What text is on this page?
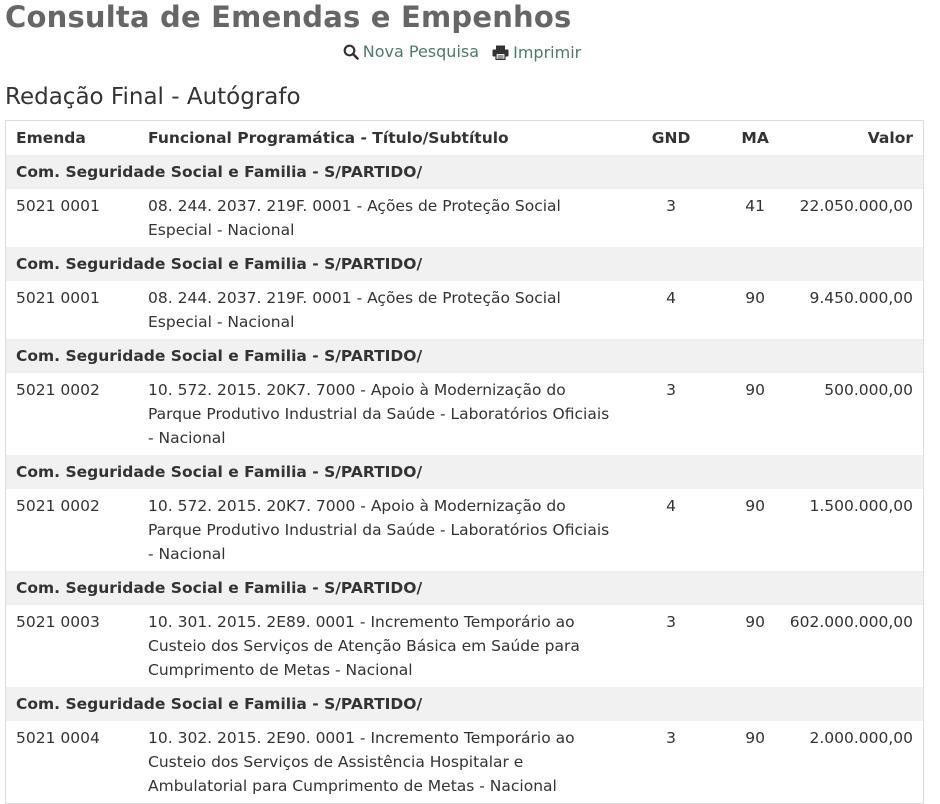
Consulta de Emendas e Empenhos
Nova Pesquisa
Imprimir
Redação Final - Autógrafo
Emenda	Funcional Programática - Título/Subtítulo	GND	MA	Valor
Com. Seguridade Social e Familia - S/PARTIDO/				
5021 0001	08. 244. 2037. 219F. 0001 - Ações de Proteção Social Especial - Nacional	3	41	22.050.000,00
Com. Seguridade Social e Familia - S/PARTIDO/				
5021 0001	08. 244. 2037. 219F. 0001 - Ações de Proteção Social Especial - Nacional	4	90	9.450.000,00
Com. Seguridade Social e Familia - S/PARTIDO/				
5021 0002	10. 572. 2015. 20K7. 7000 - Apoio à Modernização do Parque Produtivo Industrial da Saúde - Laboratórios Oficiais - Nacional	3	90	500.000,00
Com. Seguridade Social e Familia - S/PARTIDO/				
5021 0002	10. 572. 2015. 20K7. 7000 - Apoio à Modernização do Parque Produtivo Industrial da Saúde - Laboratórios Oficiais - Nacional	4	90	1.500.000,00
Com. Seguridade Social e Familia - S/PARTIDO/				
5021 0003	10. 301. 2015. 2E89. 0001 - Incremento Temporário ao Custeio dos Serviços de Atenção Básica em Saúde para Cumprimento de Metas - Nacional	3	90	602.000.000,00
Com. Seguridade Social e Familia - S/PARTIDO/				
5021 0004	10. 302. 2015. 2E90. 0001 - Incremento Temporário ao Custeio dos Serviços de Assistência Hospitalar e Ambulatorial para Cumprimento de Metas - Nacional	3	90	2.000.000,00
